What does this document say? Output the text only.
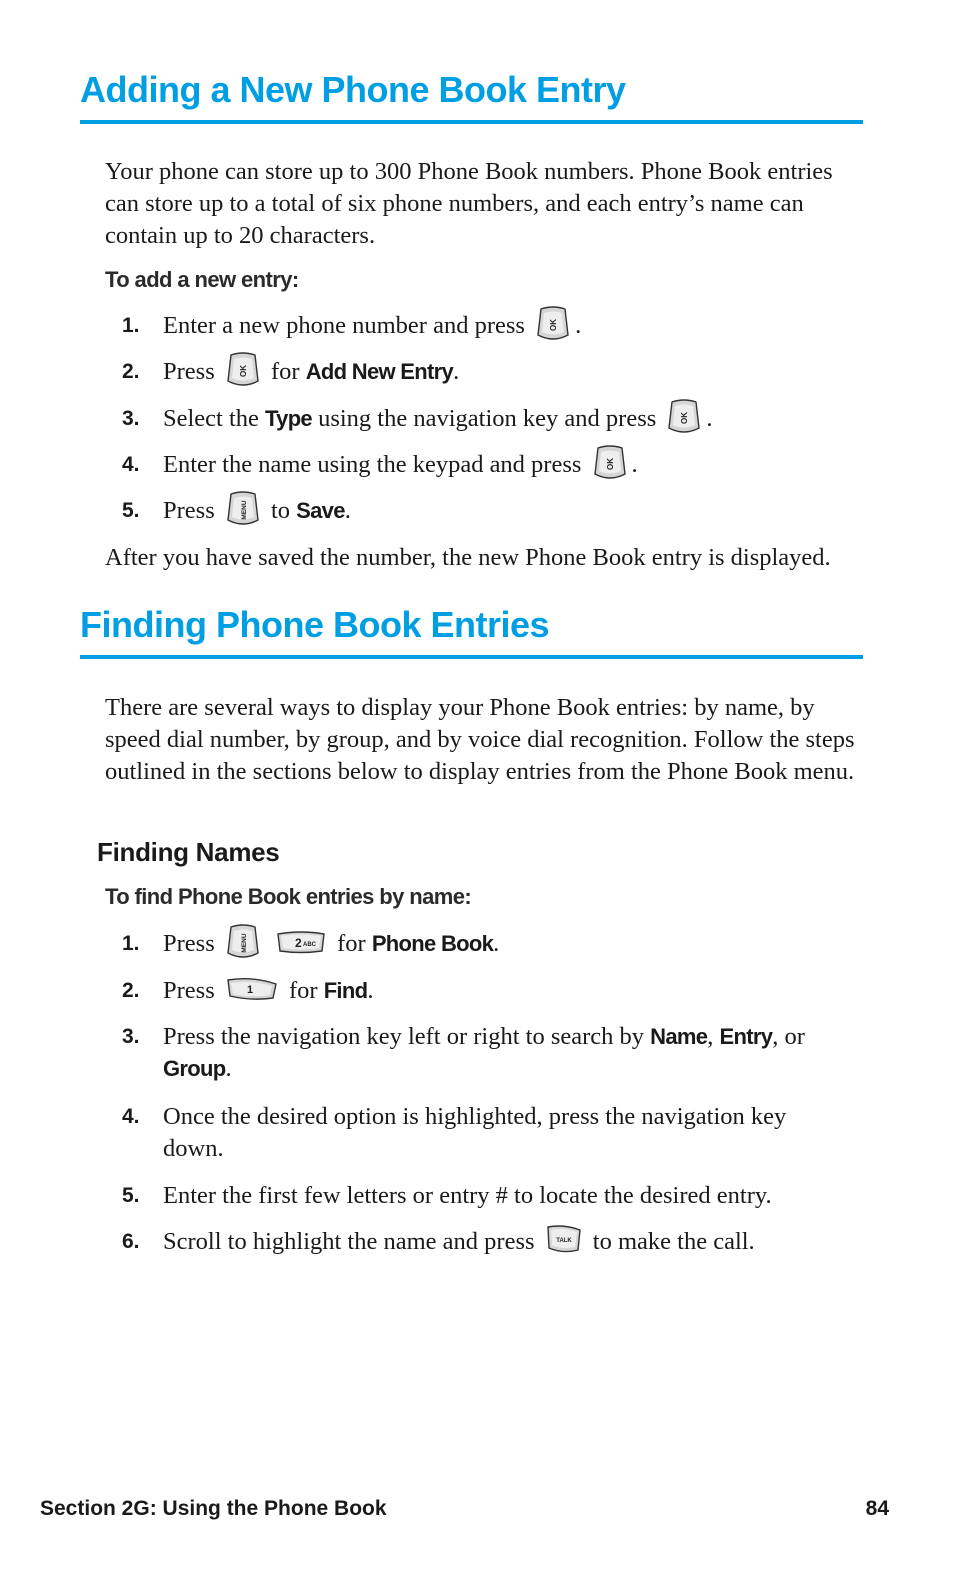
Adding a New Phone Book Entry

Your phone can store up to 300 Phone Book numbers. Phone Book entries can store up to a total of six phone numbers, and each entry’s name can contain up to 20 characters.

To add a new entry:

1. Enter a new phone number and press	OK .
2. Press	OK for Add New Entry.
3. Select the Type using the navigation key and press	OK .
4. Enter the name using the keypad and press	OK .
5. Press	MENU to Save.

After you have saved the number, the new Phone Book entry is displayed.

Finding Phone Book Entries

There are several ways to display your Phone Book entries: by name, by speed dial number, by group, and by voice dial recognition. Follow the steps outlined in the sections below to display entries from the Phone Book menu.

Finding Names

To find Phone Book entries by name:

1. Press	MENU
	2 ABC for Phone Book.
2. Press	1 for Find.
3. Press the navigation key left or right to search by Name, Entry, or Group.
4. Once the desired option is highlighted, press the navigation key down.
5. Enter the first few letters or entry # to locate the desired entry.
6. Scroll to highlight the name and press	TALK to make the call.

Section 2G: Using the Phone Book	84
